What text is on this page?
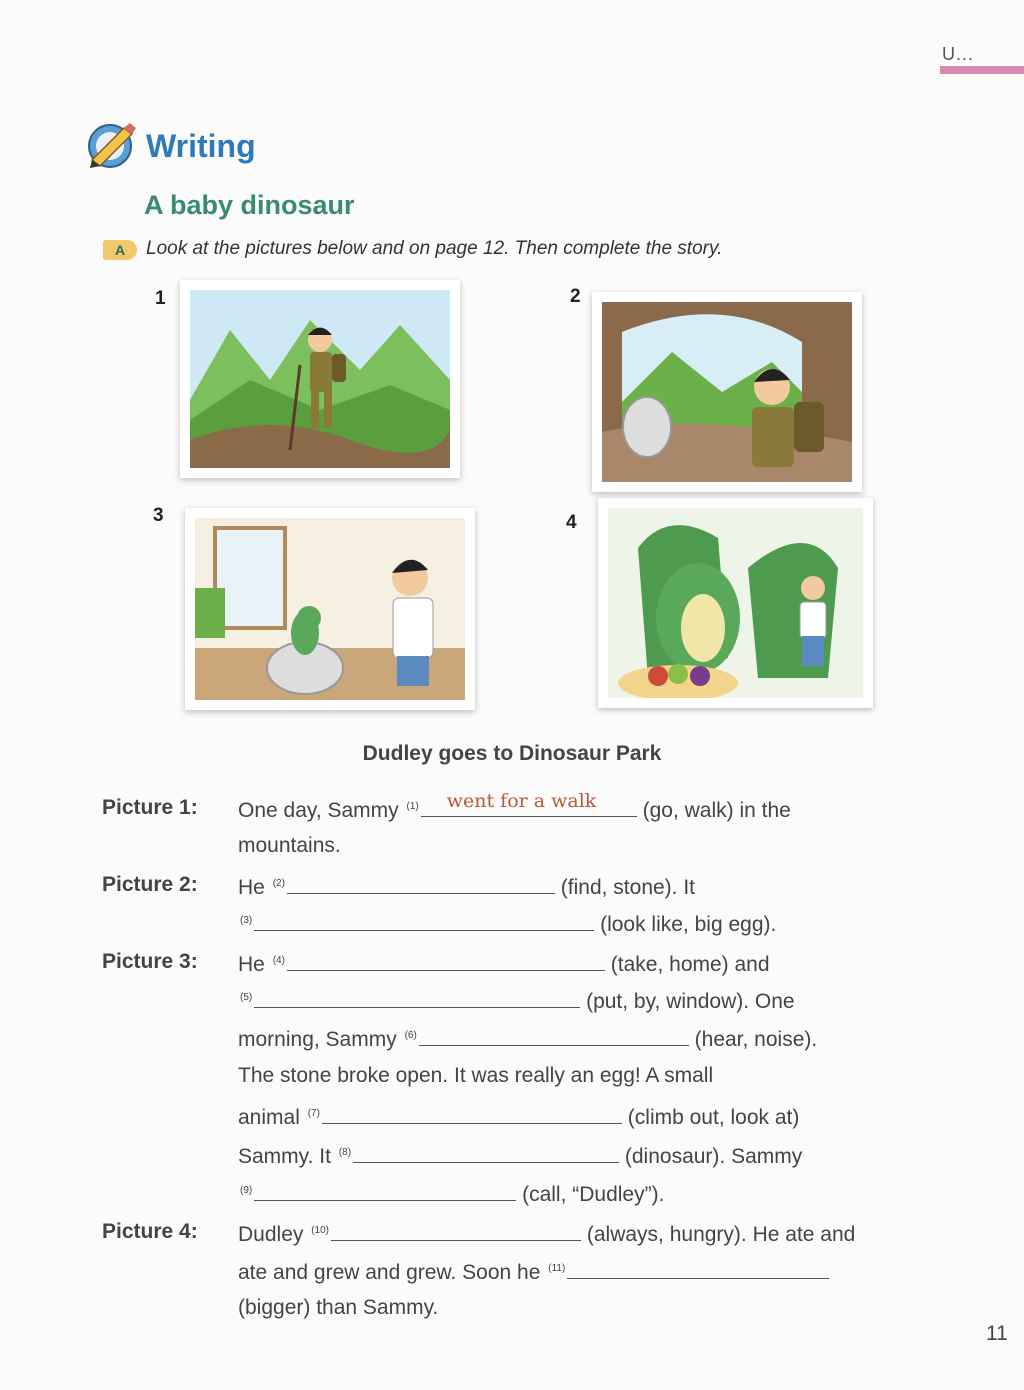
U...
Writing
A baby dinosaur
A	Look at the pictures below and on page 12. Then complete the story.
1	2
3	4
Dudley goes to Dinosaur Park
Picture 1: One day, Sammy $^{(1)}$ went for a walk (go, walk) in the
mountains.
Picture 2: He $^{(2)}$	(find, stone). It
$^{(3)}$	(look like, big egg).
Picture 3: He $^{(4)}$	(take, home) and
$^{(5)}$	(put, by, window). One
morning, Sammy $^{(6)}$	(hear, noise).
The stone broke open. It was really an egg! A small
animal $^{(7)}$	(climb out, look at)
Sammy. It $^{(8)}$	(dinosaur). Sammy
$^{(9)}$	(call, “Dudley”).
Picture 4: Dudley $^{(10)}$	(always, hungry). He ate and
ate and grew and grew. Soon he $^{(11)}$
(bigger) than Sammy.
11
